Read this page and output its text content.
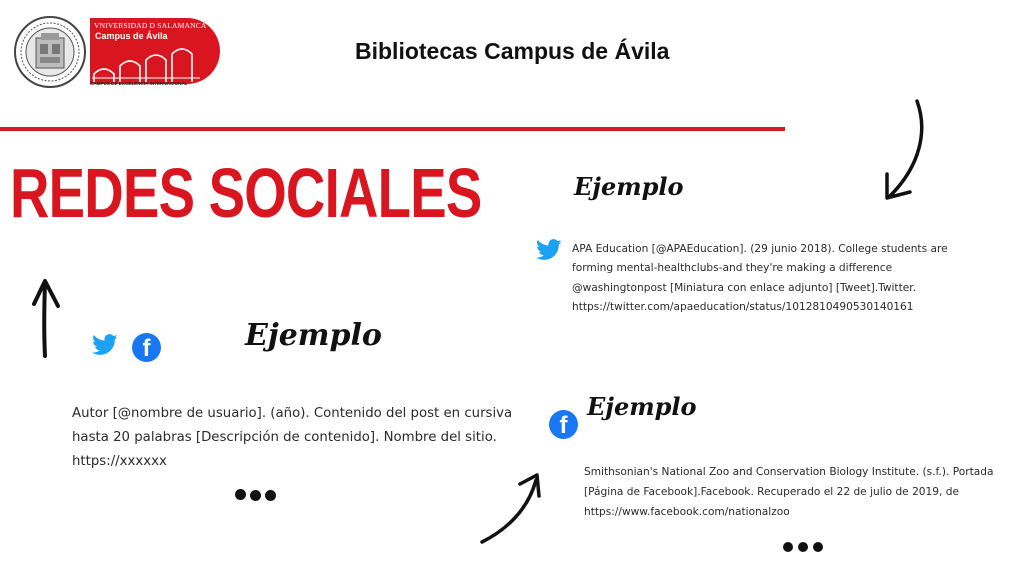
VNIVERSIDAD D SALAMANCA
Campus de Ávila
CAMPUS DE EXCELENCIA INTERNACIONAL
Bibliotecas Campus de Ávila
REDES SOCIALES
f	Ejemplo
Autor [@nombre de usuario]. (año). Contenido del post en cursiva
hasta 20 palabras [Descripción de contenido]. Nombre del sitio.
https://xxxxxx
Ejemplo
APA Education [@APAEducation]. (29 junio 2018). College students are
forming mental-healthclubs-and they're making a difference
@washingtonpost [Miniatura con enlace adjunto] [Tweet].Twitter.
https://twitter.com/apaeducation/status/1012810490530140161
f
Ejemplo
Smithsonian's National Zoo and Conservation Biology Institute. (s.f.). Portada
[Página de Facebook].Facebook. Recuperado el 22 de julio de 2019, de
https://www.facebook.com/nationalzoo
